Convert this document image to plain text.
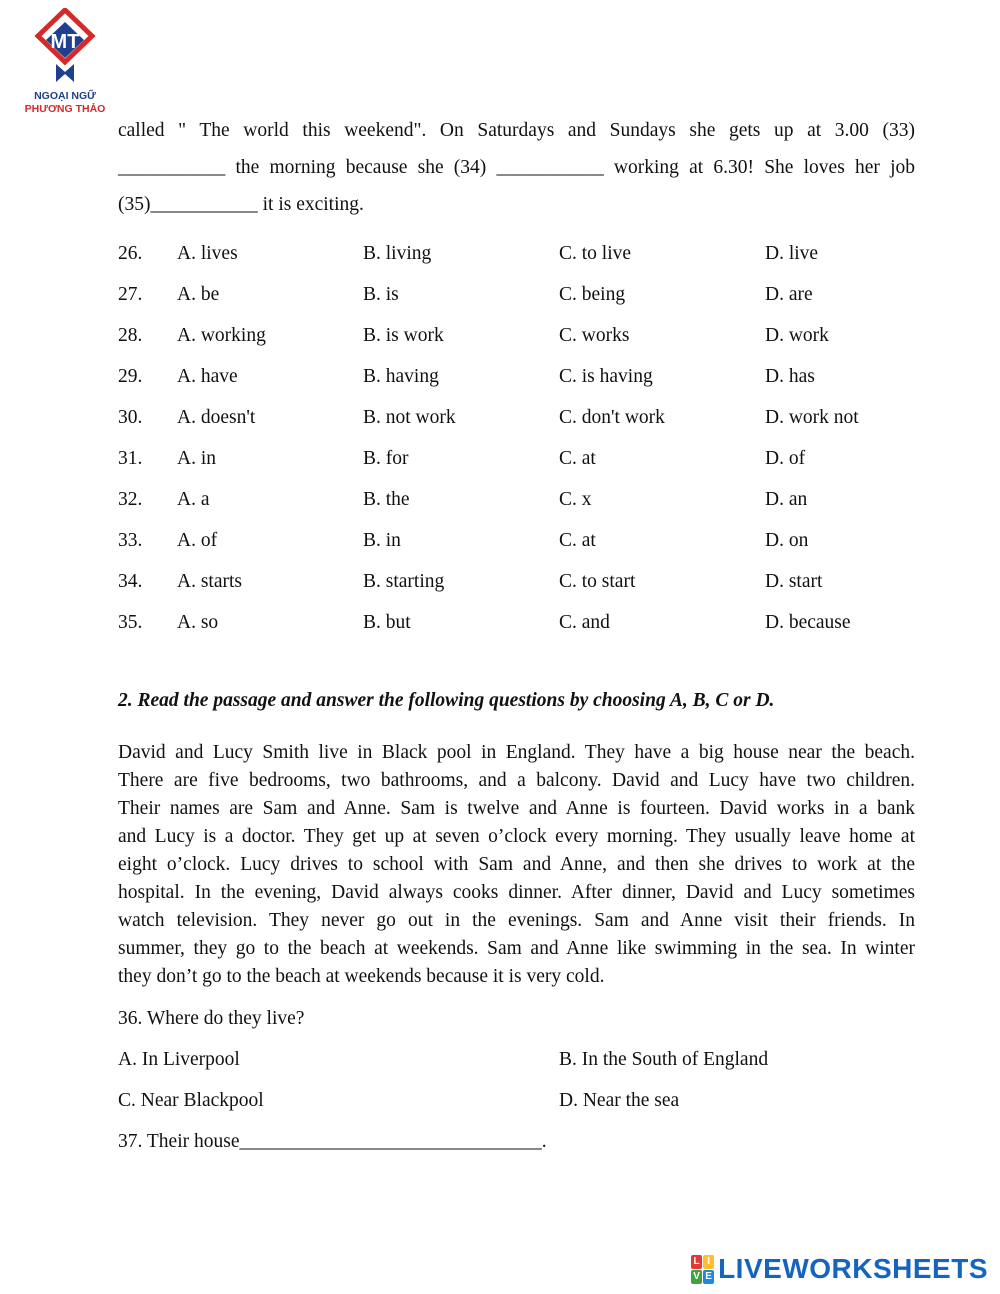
MT
NGOẠI NGỮ
PHƯƠNG THẢO
called " The world this weekend". On Saturdays and Sundays she gets up at 3.00 (33)
___________ the morning because she (34) ___________ working at 6.30! She loves her job
(35)___________ it is exciting.
26. A. lives	B. living	C. to live	D. live
27. A. be	B. is	C. being	D. are
28. A. working	B. is work	C. works	D. work
29. A. have	B. having	C. is having	D. has
30. A. doesn't	B. not work	C. don't work	D. work not
31. A. in	B. for	C. at	D. of
32. A. a	B. the	C. x	D. an
33. A. of	B. in	C. at	D. on
34. A. starts	B. starting	C. to start	D. start
35. A. so	B. but	C. and	D. because
2. Read the passage and answer the following questions by choosing A, B, C or D.
David and Lucy Smith live in Black pool in England. They have a big house near the beach.
There are five bedrooms, two bathrooms, and a balcony. David and Lucy have two children.
Their names are Sam and Anne. Sam is twelve and Anne is fourteen. David works in a bank
and Lucy is a doctor. They get up at seven o’clock every morning. They usually leave home at
eight o’clock. Lucy drives to school with Sam and Anne, and then she drives to work at the
hospital. In the evening, David always cooks dinner. After dinner, David and Lucy sometimes
watch television. They never go out in the evenings. Sam and Anne visit their friends. In
summer, they go to the beach at weekends. Sam and Anne like swimming in the sea. In winter
they don’t go to the beach at weekends because it is very cold.
36. Where do they live?
A. In Liverpool	B. In the South of England
C. Near Blackpool	D. Near the sea
37. Their house_______________________________.
L I
V E LIVEWORKSHEETS
